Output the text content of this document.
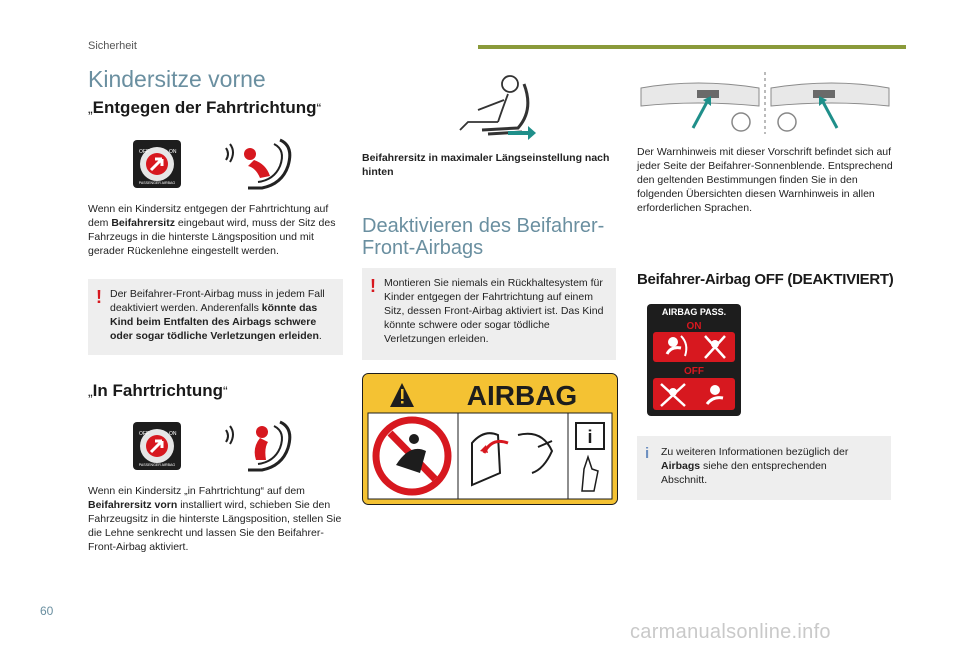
Sicherheit
Kindersitze vorne
„Entgegen der Fahrtrichtung“
OFF	ON
PASSENGER AIRBAG
Wenn ein Kindersitz entgegen der Fahrtrichtung auf dem Beifahrersitz eingebaut wird, muss der Sitz des Fahrzeugs in die hinterste Längsposition und mit gerader Rückenlehne eingestellt werden.
! Der Beifahrer-Front-Airbag muss in jedem Fall deaktiviert werden. Anderenfalls könnte das Kind beim Entfalten des Airbags schwere oder sogar tödliche Verletzungen erleiden.
„In Fahrtrichtung“
OFF	ON
PASSENGER AIRBAG
Wenn ein Kindersitz „in Fahrtrichtung“ auf dem Beifahrersitz vorn installiert wird, schieben Sie den Fahrzeugsitz in die hinterste Längsposition, stellen Sie die Lehne senkrecht und lassen Sie den Beifahrer-Front-Airbag aktiviert.
Beifahrersitz in maximaler Längseinstellung nach hinten
Deaktivieren des Beifahrer-
Front-Airbags
! Montieren Sie niemals ein Rückhaltesystem für Kinder entgegen der Fahrtrichtung auf einem Sitz, dessen Front-Airbag aktiviert ist. Das Kind könnte schwere oder sogar tödliche Verletzungen erleiden.
AIRBAG
i
Der Warnhinweis mit dieser Vorschrift befindet sich auf jeder Seite der Beifahrer-Sonnenblende. Entsprechend den geltenden Bestimmungen finden Sie in den folgenden Übersichten diesen Warnhinweis in allen erforderlichen Sprachen.
Beifahrer-Airbag OFF (DEAKTIVIERT)
AIRBAG PASS.
ON
OFF
i Zu weiteren Informationen bezüglich der Airbags siehe den entsprechenden Abschnitt.
60
carmanualsonline.info
